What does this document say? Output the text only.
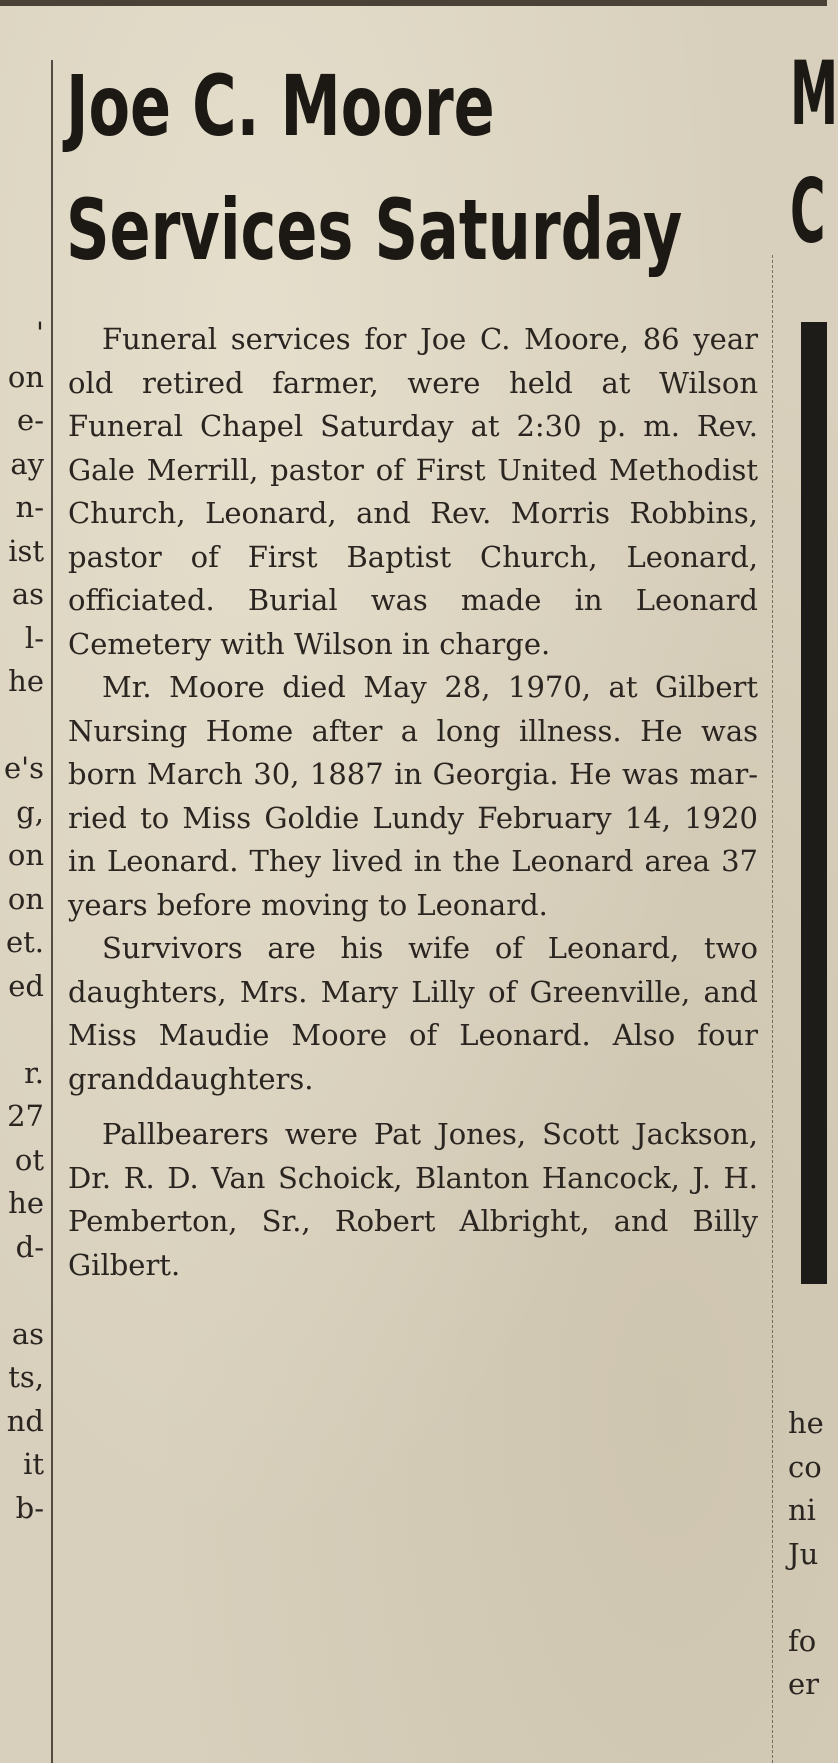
'
on
e-
ay
n-
ist
as
l-
he
e's
g,
on
on
et.
ed
r.
27
ot
he
d-
as
ts,
nd
it
b-
M
C
he
co
ni
Ju
fo
er
Joe C. Moore
Services Saturday

Funeral services for Joe C. Moore, 86 year old retired farmer, were held at Wilson Funeral Chapel Saturday at 2:30 p. m. Rev. Gale Merrill, pastor of First United Methodist Church, Leonard, and Rev. Morris Robbins, pastor of First Baptist Church, Leonard, officiated. Burial was made in Leonard Cemetery with Wilson in charge.

Mr. Moore died May 28, 1970, at Gilbert Nursing Home after a long illness. He was born March 30, 1887 in Georgia. He was married to Miss Goldie Lundy February 14, 1920 in Leonard. They lived in the Leonard area 37 years before moving to Leonard.

Survivors are his wife of Leonard, two daughters, Mrs. Mary Lilly of Greenville, and Miss Maudie Moore of Leonard. Also four granddaughters.

Pallbearers were Pat Jones, Scott Jackson, Dr. R. D. Van Schoick, Blanton Hancock, J. H. Pemberton, Sr., Robert Albright, and Billy Gilbert.
